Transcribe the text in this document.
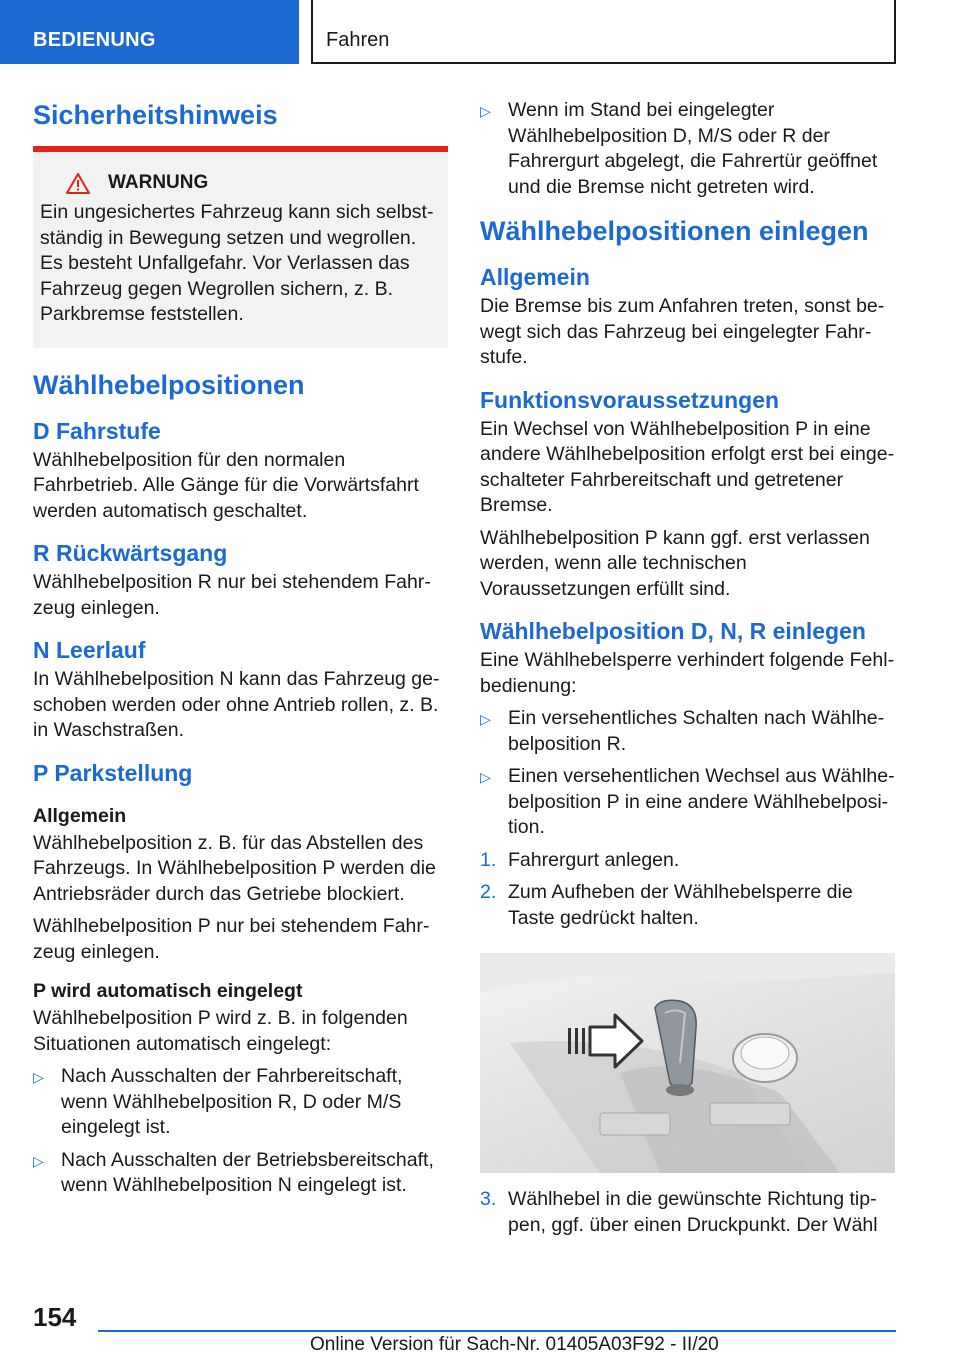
BEDIENUNG	Fahren
Sicherheitshinweis
WARNUNG

Ein ungesichertes Fahrzeug kann sich selbstständig in Bewegung setzen und wegrollen. Es besteht Unfallgefahr. Vor Verlassen das Fahrzeug gegen Wegrollen sichern, z. B. Parkbremse feststellen.

Wählhebelpositionen
D Fahrstufe

Wählhebelposition für den normalen Fahrbetrieb. Alle Gänge für die Vorwärtsfahrt werden automatisch geschaltet.

R Rückwärtsgang

Wählhebelposition R nur bei stehendem Fahrzeug einlegen.

N Leerlauf

In Wählhebelposition N kann das Fahrzeug geschoben werden oder ohne Antrieb rollen, z. B. in Waschstraßen.

P Parkstellung
Allgemein

Wählhebelposition z. B. für das Abstellen des Fahrzeugs. In Wählhebelposition P werden die Antriebsräder durch das Getriebe blockiert.

Wählhebelposition P nur bei stehendem Fahrzeug einlegen.

P wird automatisch eingelegt

Wählhebelposition P wird z. B. in folgenden Situationen automatisch eingelegt:

▷ Nach Ausschalten der Fahrbereitschaft, wenn Wählhebelposition R, D oder M/S eingelegt ist.
▷ Nach Ausschalten der Betriebsbereitschaft, wenn Wählhebelposition N eingelegt ist.
▷ Wenn im Stand bei eingelegter Wählhebelposition D, M/S oder R der Fahrergurt abgelegt, die Fahrertür geöffnet und die Bremse nicht getreten wird.
Wählhebelpositionen einlegen
Allgemein

Die Bremse bis zum Anfahren treten, sonst bewegt sich das Fahrzeug bei eingelegter Fahrstufe.

Funktionsvoraussetzungen

Ein Wechsel von Wählhebelposition P in eine andere Wählhebelposition erfolgt erst bei eingeschalteter Fahrbereitschaft und getretener Bremse.

Wählhebelposition P kann ggf. erst verlassen werden, wenn alle technischen Voraussetzungen erfüllt sind.

Wählhebelposition D, N, R einlegen

Eine Wählhebelsperre verhindert folgende Fehlbedienung:

▷ Ein versehentliches Schalten nach Wählhebelposition R.
▷ Einen versehentlichen Wechsel aus Wählhebelposition P in eine andere Wählhebelposition.
1. Fahrergurt anlegen.
2. Zum Aufheben der Wählhebelsperre die Taste gedrückt halten.
3. Wählhebel in die gewünschte Richtung tippen, ggf. über einen Druckpunkt. Der Wähl
154
Online Version für Sach-Nr. 01405A03F92 - II/20
